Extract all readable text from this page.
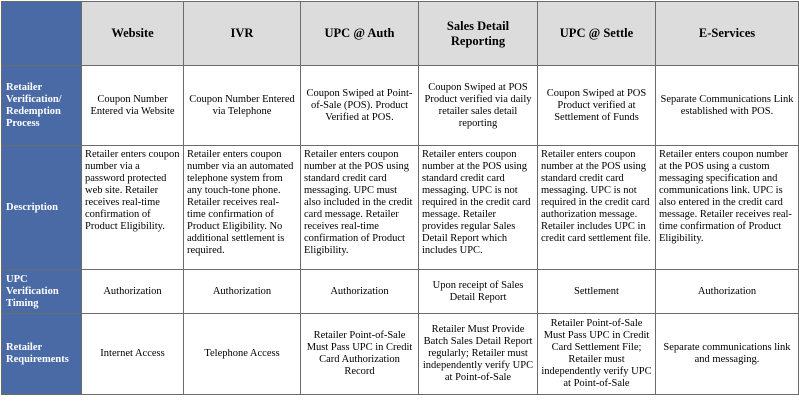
	Website	IVR	UPC @ Auth	Sales Detail Reporting	UPC @ Settle	E-Services
Retailer Verification/ Redemption Process	Coupon Number Entered via Website	Coupon Number Entered via Telephone	Coupon Swiped at Point-of-Sale (POS). Product Verified at POS.	Coupon Swiped at POS Product verified via daily retailer sales detail reporting	Coupon Swiped at POS Product verified at Settlement of Funds	Separate Communications Link established with POS.
Description	Retailer enters coupon number via a password protected web site. Retailer receives real-time confirmation of Product Eligibility.	Retailer enters coupon number via an automated telephone system from any touch-tone phone. Retailer receives real-time confirmation of Product Eligibility. No additional settlement is required.	Retailer enters coupon number at the POS using standard credit card messaging. UPC must also included in the credit card message. Retailer receives real-time confirmation of Product Eligibility.	Retailer enters coupon number at the POS using standard credit card messaging. UPC is not required in the credit card message. Retailer provides regular Sales Detail Report which includes UPC.	Retailer enters coupon number at the POS using standard credit card messaging. UPC is not required in the credit card authorization message. Retailer includes UPC in credit card settlement file.	Retailer enters coupon number at the POS using a custom messaging specification and communications link. UPC is also entered in the credit card message. Retailer receives real-time confirmation of Product Eligibility.
UPC Verification Timing	Authorization	Authorization	Authorization	Upon receipt of Sales Detail Report	Settlement	Authorization
Retailer Requirements	Internet Access	Telephone Access	Retailer Point-of-Sale Must Pass UPC in Credit Card Authorization Record	Retailer Must Provide Batch Sales Detail Report regularly; Retailer must independently verify UPC at Point-of-Sale	Retailer Point-of-Sale Must Pass UPC in Credit Card Settlement File; Retailer must independently verify UPC at Point-of-Sale	Separate communications link and messaging.
